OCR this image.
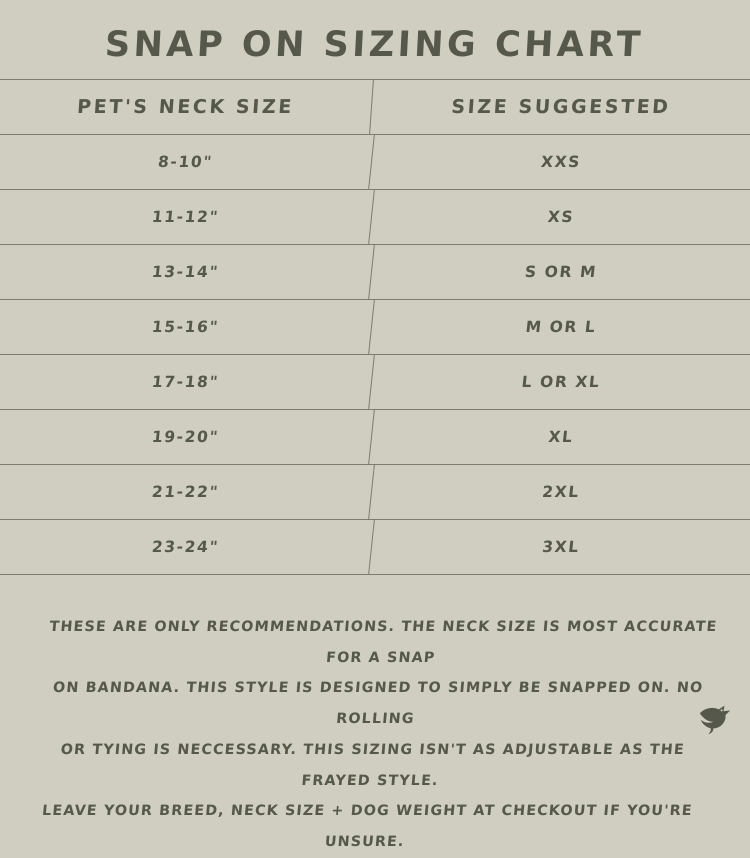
SNAP ON SIZING CHART
PET'S NECK SIZE	SIZE SUGGESTED
8-10"	XXS
11-12"	XS
13-14"	S OR M
15-16"	M OR L
17-18"	L OR XL
19-20"	XL
21-22"	2XL
23-24"	3XL
THESE ARE ONLY RECOMMENDATIONS. THE NECK SIZE IS MOST ACCURATE FOR A SNAP
ON BANDANA. THIS STYLE IS DESIGNED TO SIMPLY BE SNAPPED ON. NO ROLLING
OR TYING IS NECCESSARY. THIS SIZING ISN'T AS ADJUSTABLE AS THE FRAYED STYLE.
LEAVE YOUR BREED, NECK SIZE + DOG WEIGHT AT CHECKOUT IF YOU'RE UNSURE.
